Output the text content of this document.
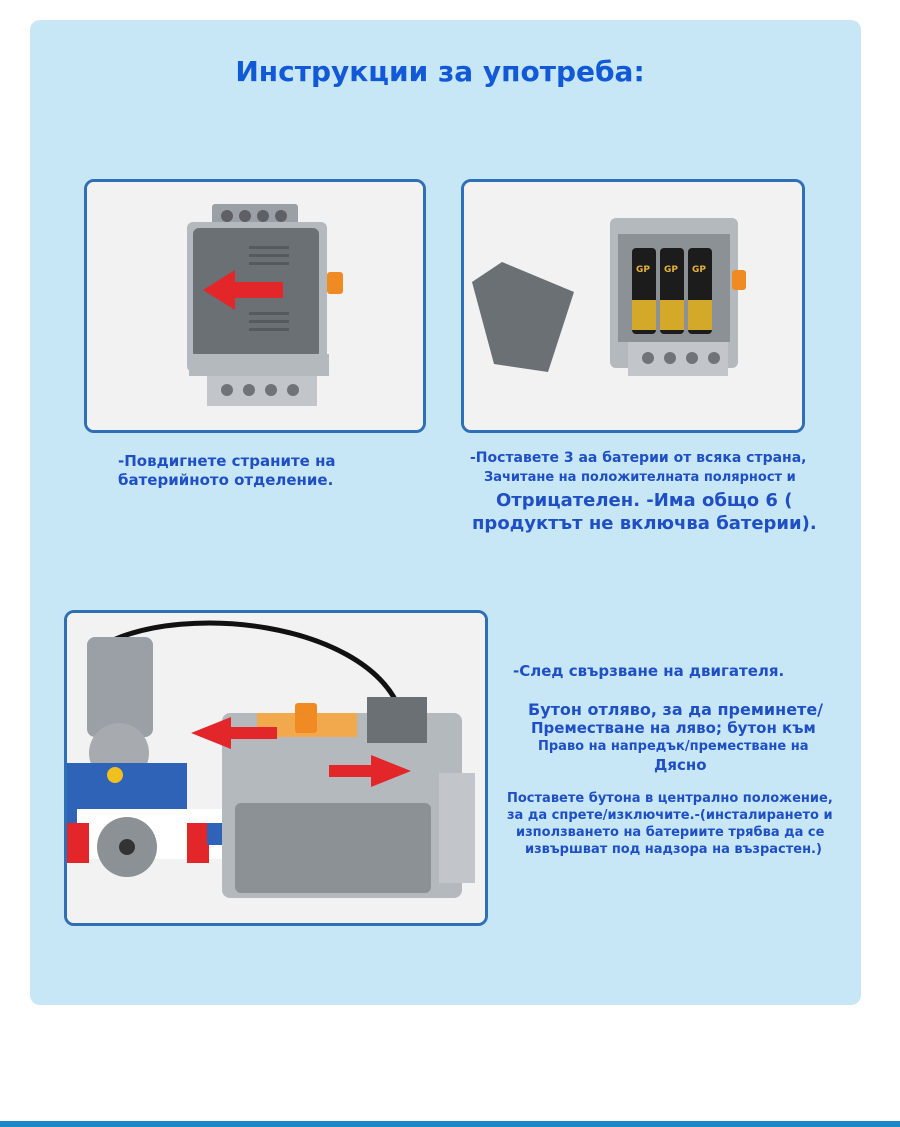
Инструкции за употреба:
GP GP GP
-Повдигнете страните на
батерийното отделение.
-Поставете 3 аа батерии от всяка страна,
Зачитане на положителната полярност и
Отрицателен. -Има общо 6 (
продуктът не включва батерии).
-След свързване на двигателя.
Бутон отляво, за да преминете/
Преместване на ляво; бутон към
Право на напредък/преместване на
Дясно
Поставете бутона в централно положение,
за да спрете/изключите.-(инсталирането и
използването на батериите трябва да се
извършват под надзора на възрастен.)
